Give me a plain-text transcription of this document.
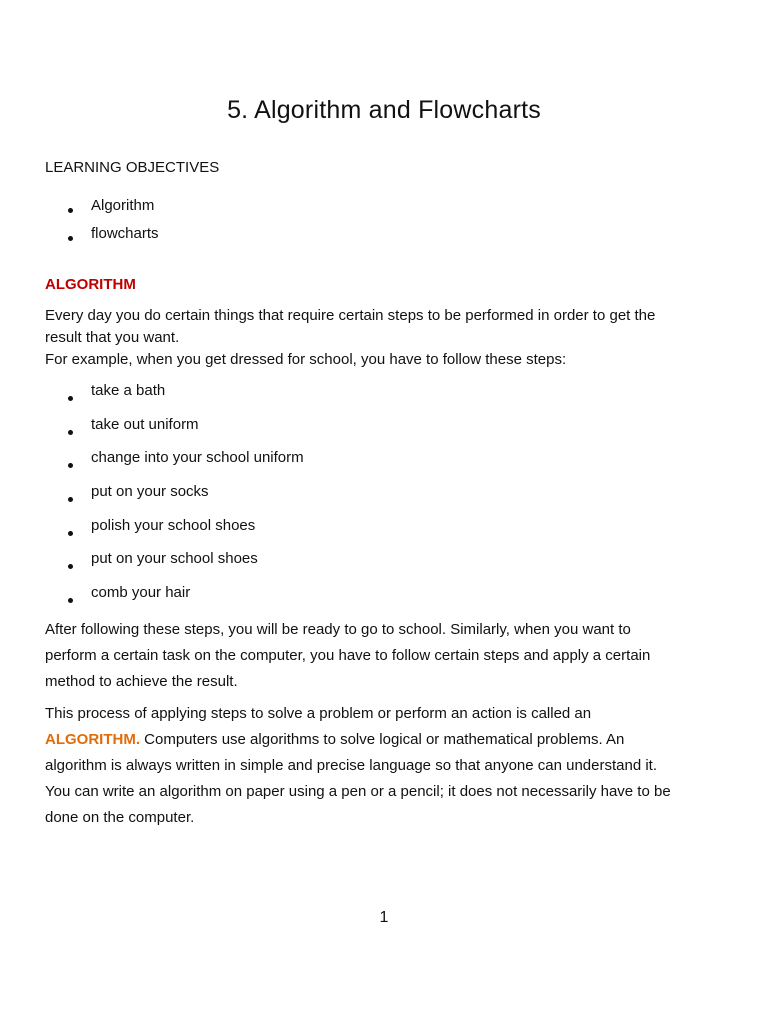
5. Algorithm and Flowcharts

LEARNING OBJECTIVES

Algorithm
flowcharts

ALGORITHM

Every day you do certain things that require certain steps to be performed in order to get the
result that you want.
For example, when you get dressed for school, you have to follow these steps:

take a bath
take out uniform
change into your school uniform
put on your socks
polish your school shoes
put on your school shoes
comb your hair

After following these steps, you will be ready to go to school. Similarly, when you want to
perform a certain task on the computer, you have to follow certain steps and apply a certain
method to achieve the result.

This process of applying steps to solve a problem or perform an action is called an
ALGORITHM. Computers use algorithms to solve logical or mathematical problems. An
algorithm is always written in simple and precise language so that anyone can understand it.
You can write an algorithm on paper using a pen or a pencil; it does not necessarily have to be
done on the computer.

1
